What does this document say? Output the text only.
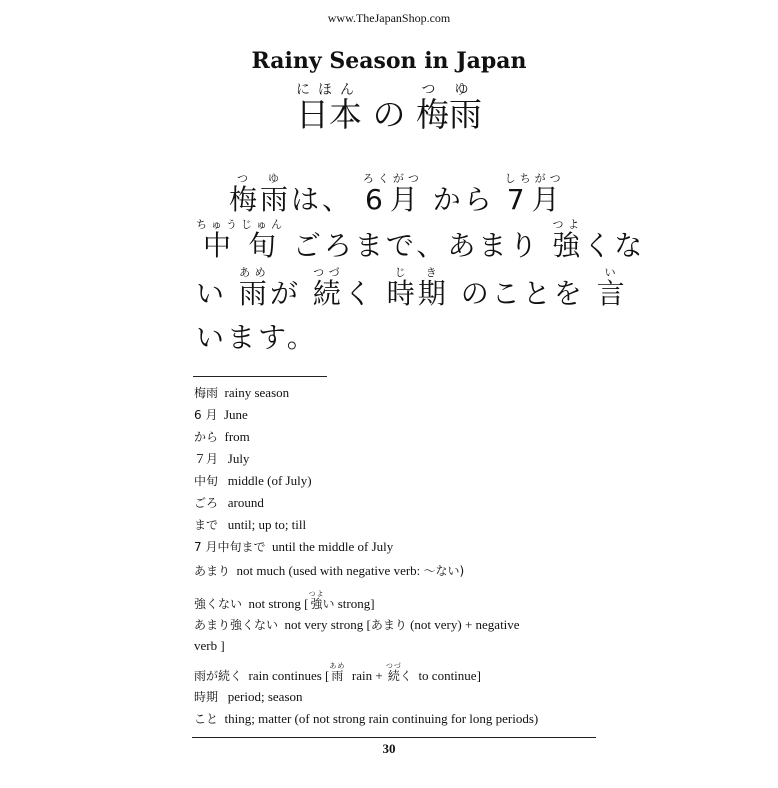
www.TheJapanShop.com
Rainy Season in Japan
日本にほん の 梅雨つゆ
梅雨つゆは、 6月ろくがつ から 7月しちがつ
中旬ちゅうじゅん ごろまで、あまり 強つよくな
い 雨あめが 続つづく 時期じき のことを 言い
います。
梅雨 rainy season
6 月 June
から from
７月 July
中旬 middle (of July)
ごろ around
まで until; up to; till
7 月中旬まで until the middle of July
あまり not much (used with negative verb: 〜ない)
強くない not strong [強つよい strong]
あまり強くない not very strong [あまり (not very) + negative
verb ]
雨が続く rain continues [雨あめ  rain + 続つづく to continue]
時期 period; season
こと thing; matter (of not strong rain continuing for long periods)
30
